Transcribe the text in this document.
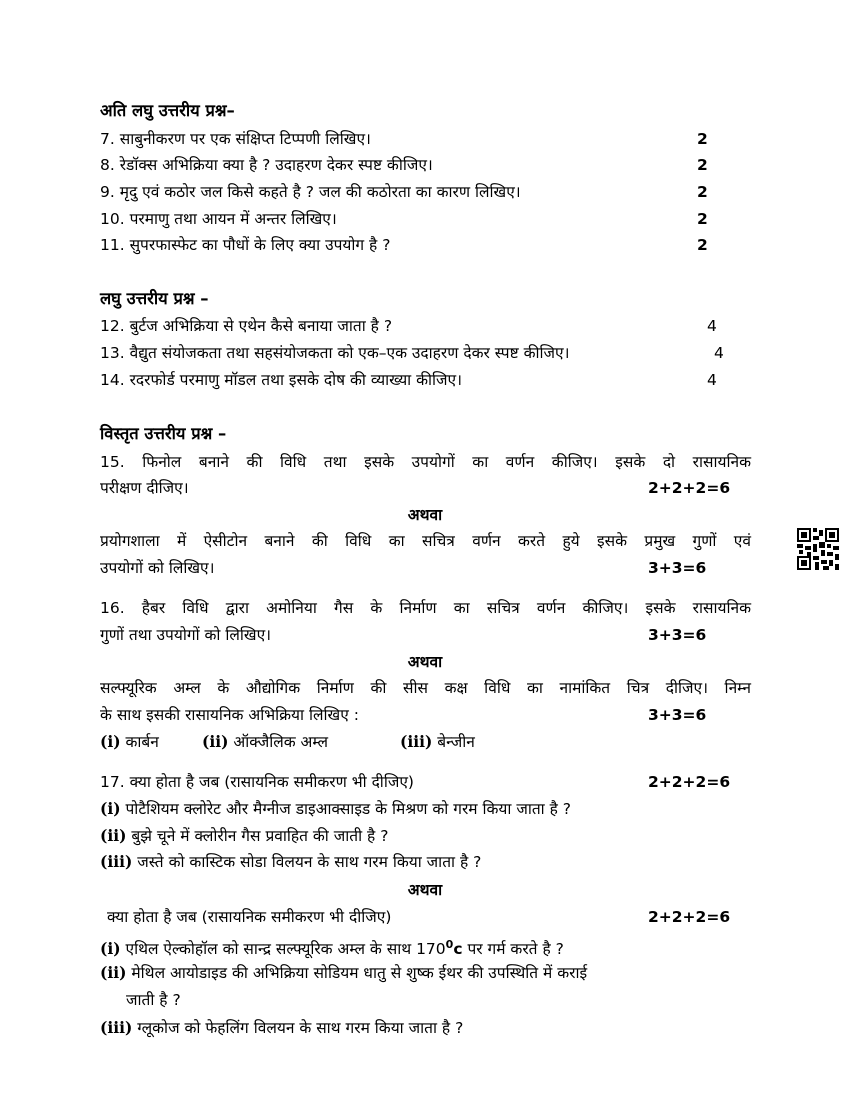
अति लघु उत्तरीय प्रश्न–
7. साबुनीकरण पर एक संक्षिप्त टिप्पणी लिखिए।	2
8. रेडॉक्स अभिक्रिया क्या है ? उदाहरण देकर स्पष्ट कीजिए।	2
9. मृदु एवं कठोर जल किसे कहते है ? जल की कठोरता का कारण लिखिए।	2
10. परमाणु तथा आयन में अन्तर लिखिए।	2
11. सुपरफास्फेट का पौधों के लिए क्या उपयोग है ?	2
लघु उत्तरीय प्रश्न –
12. बुर्टज अभिक्रिया से एथेन कैसे बनाया जाता है ?	4
13. वैद्युत संयोजकता तथा सहसंयोजकता को एक–एक उदाहरण देकर स्पष्ट कीजिए।	4
14. रदरफोर्ड परमाणु मॉडल तथा इसके दोष की व्याख्या कीजिए।	4
विस्तृत उत्तरीय प्रश्न –
15. फिनोल बनाने की विधि तथा इसके उपयोगों का वर्णन कीजिए। इसके दो रासायनिक
परीक्षण दीजिए।	2+2+2=6
अथवा
प्रयोगशाला में ऐसीटोन बनाने की विधि का सचित्र वर्णन करते हुये इसके प्रमुख गुणों एवं
उपयोगों को लिखिए।	3+3=6
16. हैबर विधि द्वारा अमोनिया गैस के निर्माण का सचित्र वर्णन कीजिए। इसके रासायनिक
गुणों तथा उपयोगों को लिखिए।	3+3=6
अथवा
सल्फ्यूरिक अम्ल के औद्योगिक निर्माण की सीस कक्ष विधि का नामांकित चित्र दीजिए। निम्न
के साथ इसकी रासायनिक अभिक्रिया लिखिए :	3+3=6
(i) कार्बन	(ii) ऑक्जैलिक अम्ल	(iii) बेन्जीन
17. क्या होता है जब (रासायनिक समीकरण भी दीजिए)	2+2+2=6
(i) पोटैशियम क्लोरेट और मैग्नीज डाइआक्साइड के मिश्रण को गरम किया जाता है ?
(ii) बुझे चूने में क्लोरीन गैस प्रवाहित की जाती है ?
(iii) जस्ते को कास्टिक सोडा विलयन के साथ गरम किया जाता है ?
अथवा
क्या होता है जब (रासायनिक समीकरण भी दीजिए)	2+2+2=6
(i) एथिल ऐल्कोहॉल को सान्द्र सल्फ्यूरिक अम्ल के साथ $170^0c$ पर गर्म करते है ?
(ii) मेथिल आयोडाइड की अभिक्रिया सोडियम धातु से शुष्क ईथर की उपस्थिति में कराई
जाती है ?
(iii) ग्लूकोज को फेहलिंग विलयन के साथ गरम किया जाता है ?
